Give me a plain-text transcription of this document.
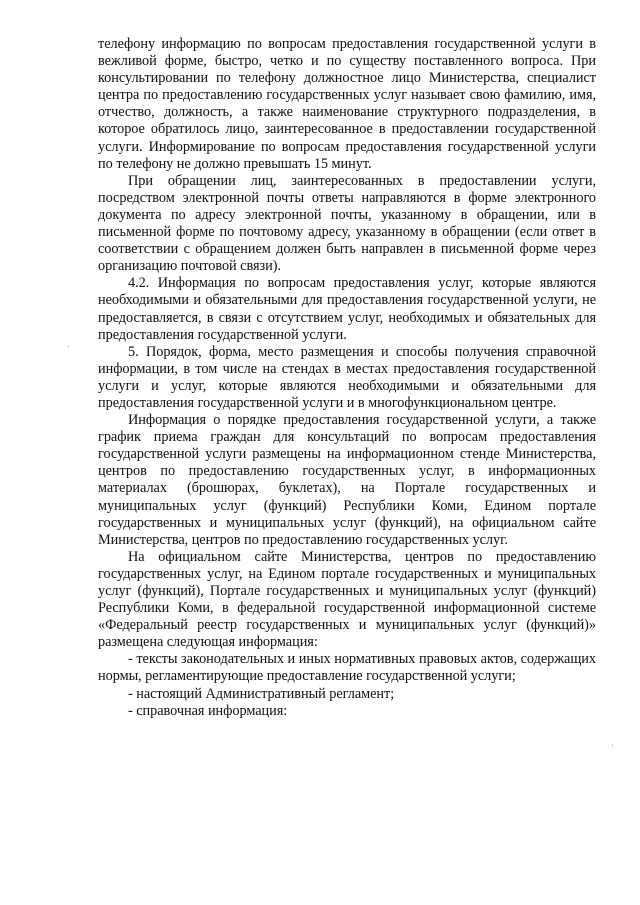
телефону информацию по вопросам предоставления государственной услуги в вежливой форме, быстро, четко и по существу поставленного вопроса. При консультировании по телефону должностное лицо Министерства, специалист центра по предоставлению государственных услуг называет свою фамилию, имя, отчество, должность, а также наименование структурного подразделения, в которое обратилось лицо, заинтересованное в предоставлении государственной услуги. Информирование по вопросам предоставления государственной услуги по телефону не должно превышать 15 минут.

При обращении лиц, заинтересованных в предоставлении услуги, посредством электронной почты ответы направляются в форме электронного документа по адресу электронной почты, указанному в обращении, или в письменной форме по почтовому адресу, указанному в обращении (если ответ в соответствии с обращением должен быть направлен в письменной форме через организацию почтовой связи).

4.2. Информация по вопросам предоставления услуг, которые являются необходимыми и обязательными для предоставления государственной услуги, не предоставляется, в связи с отсутствием услуг, необходимых и обязательных для предоставления государственной услуги.

5. Порядок, форма, место размещения и способы получения справочной информации, в том числе на стендах в местах предоставления государственной услуги и услуг, которые являются необходимыми и обязательными для предоставления государственной услуги и в многофункциональном центре.

Информация о порядке предоставления государственной услуги, а также график приема граждан для консультаций по вопросам предоставления государственной услуги размещены на информационном стенде Министерства, центров по предоставлению государственных услуг, в информационных материалах (брошюрах, буклетах), на Портале государственных и муниципальных услуг (функций) Республики Коми, Едином портале государственных и муниципальных услуг (функций), на официальном сайте Министерства, центров по предоставлению государственных услуг.

На официальном сайте Министерства, центров по предоставлению государственных услуг, на Едином портале государственных и муниципальных услуг (функций), Портале государственных и муниципальных услуг (функций) Республики Коми, в федеральной государственной информационной системе «Федеральный реестр государственных и муниципальных услуг (функций)» размещена следующая информация:

- тексты законодательных и иных нормативных правовых актов, содержащих нормы, регламентирующие предоставление государственной услуги;

- настоящий Административный регламент;

- справочная информация:
